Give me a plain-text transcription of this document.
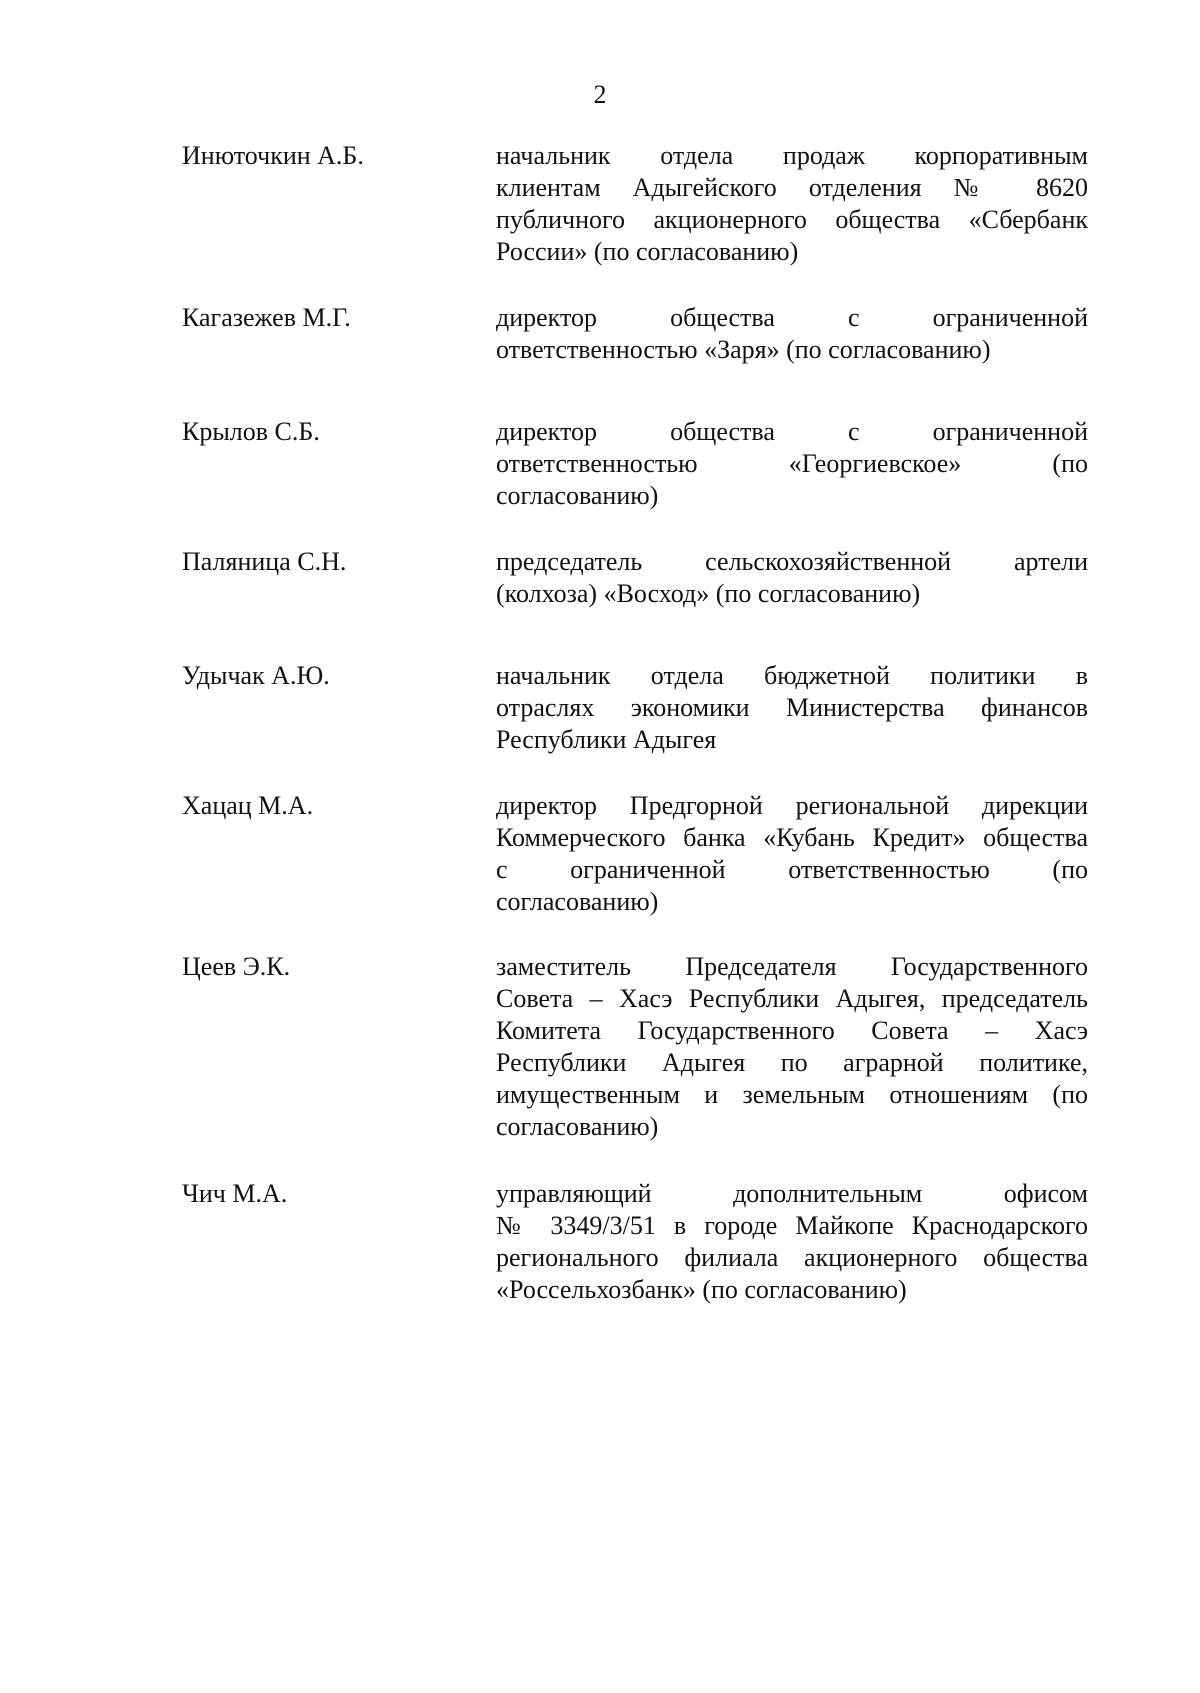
2
Инюточкин А.Б.	начальник отдела продаж корпоративным
клиентам Адыгейского отделения № 8620
публичного акционерного общества «Сбербанк
России» (по согласованию)
Кагазежев М.Г.	директор общества с ограниченной
ответственностью «Заря» (по согласованию)
Крылов С.Б.	директор общества с ограниченной
ответственностью «Георгиевское» (по
согласованию)
Паляница С.Н.	председатель сельскохозяйственной артели
(колхоза) «Восход» (по согласованию)
Удычак А.Ю.	начальник отдела бюджетной политики в
отраслях экономики Министерства финансов
Республики Адыгея
Хацац М.А.	директор Предгорной региональной дирекции
Коммерческого банка «Кубань Кредит» общества
с ограниченной ответственностью (по
согласованию)
Цеев Э.К.	заместитель Председателя Государственного
Совета – Хасэ Республики Адыгея, председатель
Комитета Государственного Совета – Хасэ
Республики Адыгея по аграрной политике,
имущественным и земельным отношениям (по
согласованию)
Чич М.А.	управляющий дополнительным офисом
№ 3349/3/51 в городе Майкопе Краснодарского
регионального филиала акционерного общества
«Россельхозбанк» (по согласованию)
